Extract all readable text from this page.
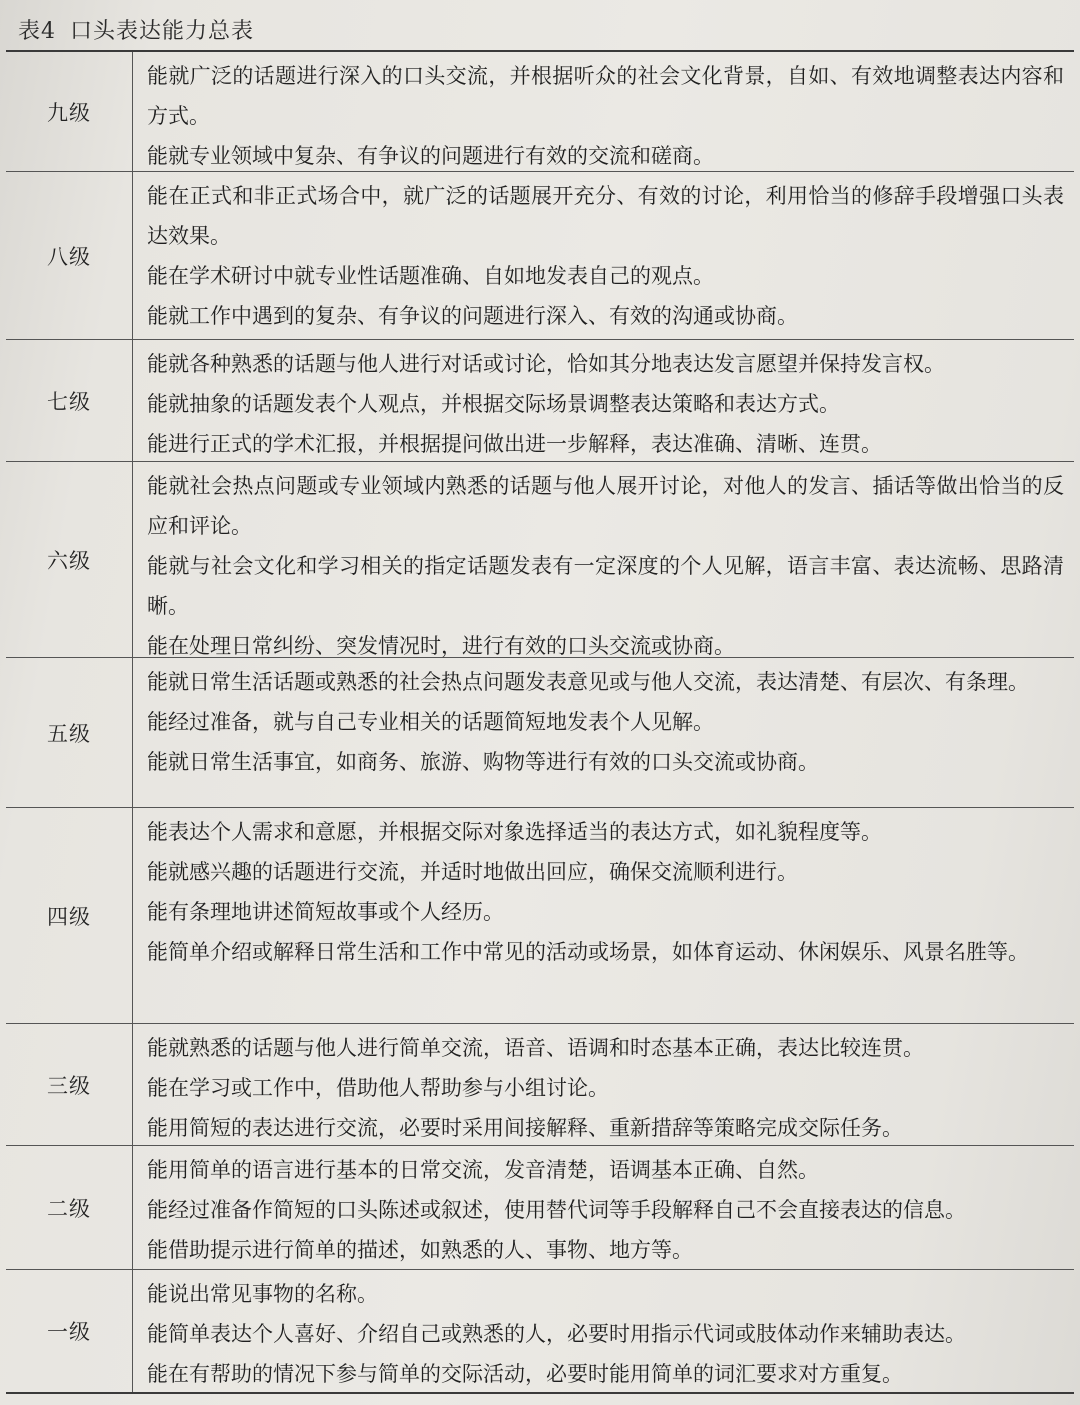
表4 口头表达能力总表
九级

能就广泛的话题进行深入的口头交流，并根据听众的社会文化背景，自如、有效地调整表达内容和方式。

能就专业领域中复杂、有争议的问题进行有效的交流和磋商。

八级

能在正式和非正式场合中，就广泛的话题展开充分、有效的讨论，利用恰当的修辞手段增强口头表达效果。

能在学术研讨中就专业性话题准确、自如地发表自己的观点。

能就工作中遇到的复杂、有争议的问题进行深入、有效的沟通或协商。

七级

能就各种熟悉的话题与他人进行对话或讨论，恰如其分地表达发言愿望并保持发言权。

能就抽象的话题发表个人观点，并根据交际场景调整表达策略和表达方式。

能进行正式的学术汇报，并根据提问做出进一步解释，表达准确、清晰、连贯。

六级

能就社会热点问题或专业领域内熟悉的话题与他人展开讨论，对他人的发言、插话等做出恰当的反应和评论。

能就与社会文化和学习相关的指定话题发表有一定深度的个人见解，语言丰富、表达流畅、思路清晰。

能在处理日常纠纷、突发情况时，进行有效的口头交流或协商。

五级

能就日常生活话题或熟悉的社会热点问题发表意见或与他人交流，表达清楚、有层次、有条理。

能经过准备，就与自己专业相关的话题简短地发表个人见解。

能就日常生活事宜，如商务、旅游、购物等进行有效的口头交流或协商。

四级

能表达个人需求和意愿，并根据交际对象选择适当的表达方式，如礼貌程度等。

能就感兴趣的话题进行交流，并适时地做出回应，确保交流顺利进行。

能有条理地讲述简短故事或个人经历。

能简单介绍或解释日常生活和工作中常见的活动或场景，如体育运动、休闲娱乐、风景名胜等。

三级

能就熟悉的话题与他人进行简单交流，语音、语调和时态基本正确，表达比较连贯。

能在学习或工作中，借助他人帮助参与小组讨论。

能用简短的表达进行交流，必要时采用间接解释、重新措辞等策略完成交际任务。

二级

能用简单的语言进行基本的日常交流，发音清楚，语调基本正确、自然。

能经过准备作简短的口头陈述或叙述，使用替代词等手段解释自己不会直接表达的信息。

能借助提示进行简单的描述，如熟悉的人、事物、地方等。

一级

能说出常见事物的名称。

能简单表达个人喜好、介绍自己或熟悉的人，必要时用指示代词或肢体动作来辅助表达。

能在有帮助的情况下参与简单的交际活动，必要时能用简单的词汇要求对方重复。
